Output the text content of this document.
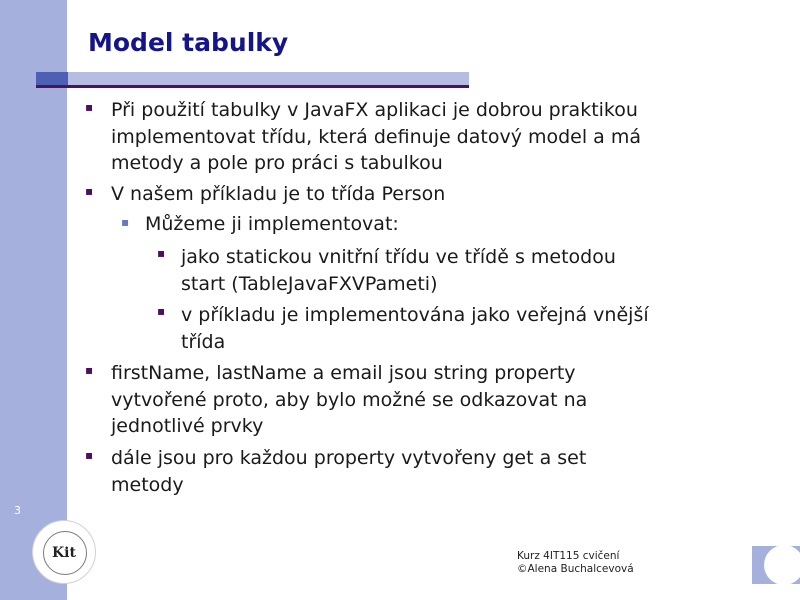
Model tabulky
▪ Při použití tabulky v JavaFX aplikaci je dobrou praktikou
implementovat třídu, která definuje datový model a má
metody a pole pro práci s tabulkou
▪ V našem příkladu je to třída Person
▪ Můžeme ji implementovat:
▪ jako statickou vnitřní třídu ve třídě s metodou
start (TableJavaFXVPameti)
▪ v příkladu je implementována jako veřejná vnější
třída
▪ firstName, lastName a email jsou string property
vytvořené proto, aby bylo možné se odkazovat na
jednotlivé prvky
▪ dále jsou pro každou property vytvořeny get a set
metody
3
Kit	Kurz 4IT115 cvičení
©Alena Buchalcevová
